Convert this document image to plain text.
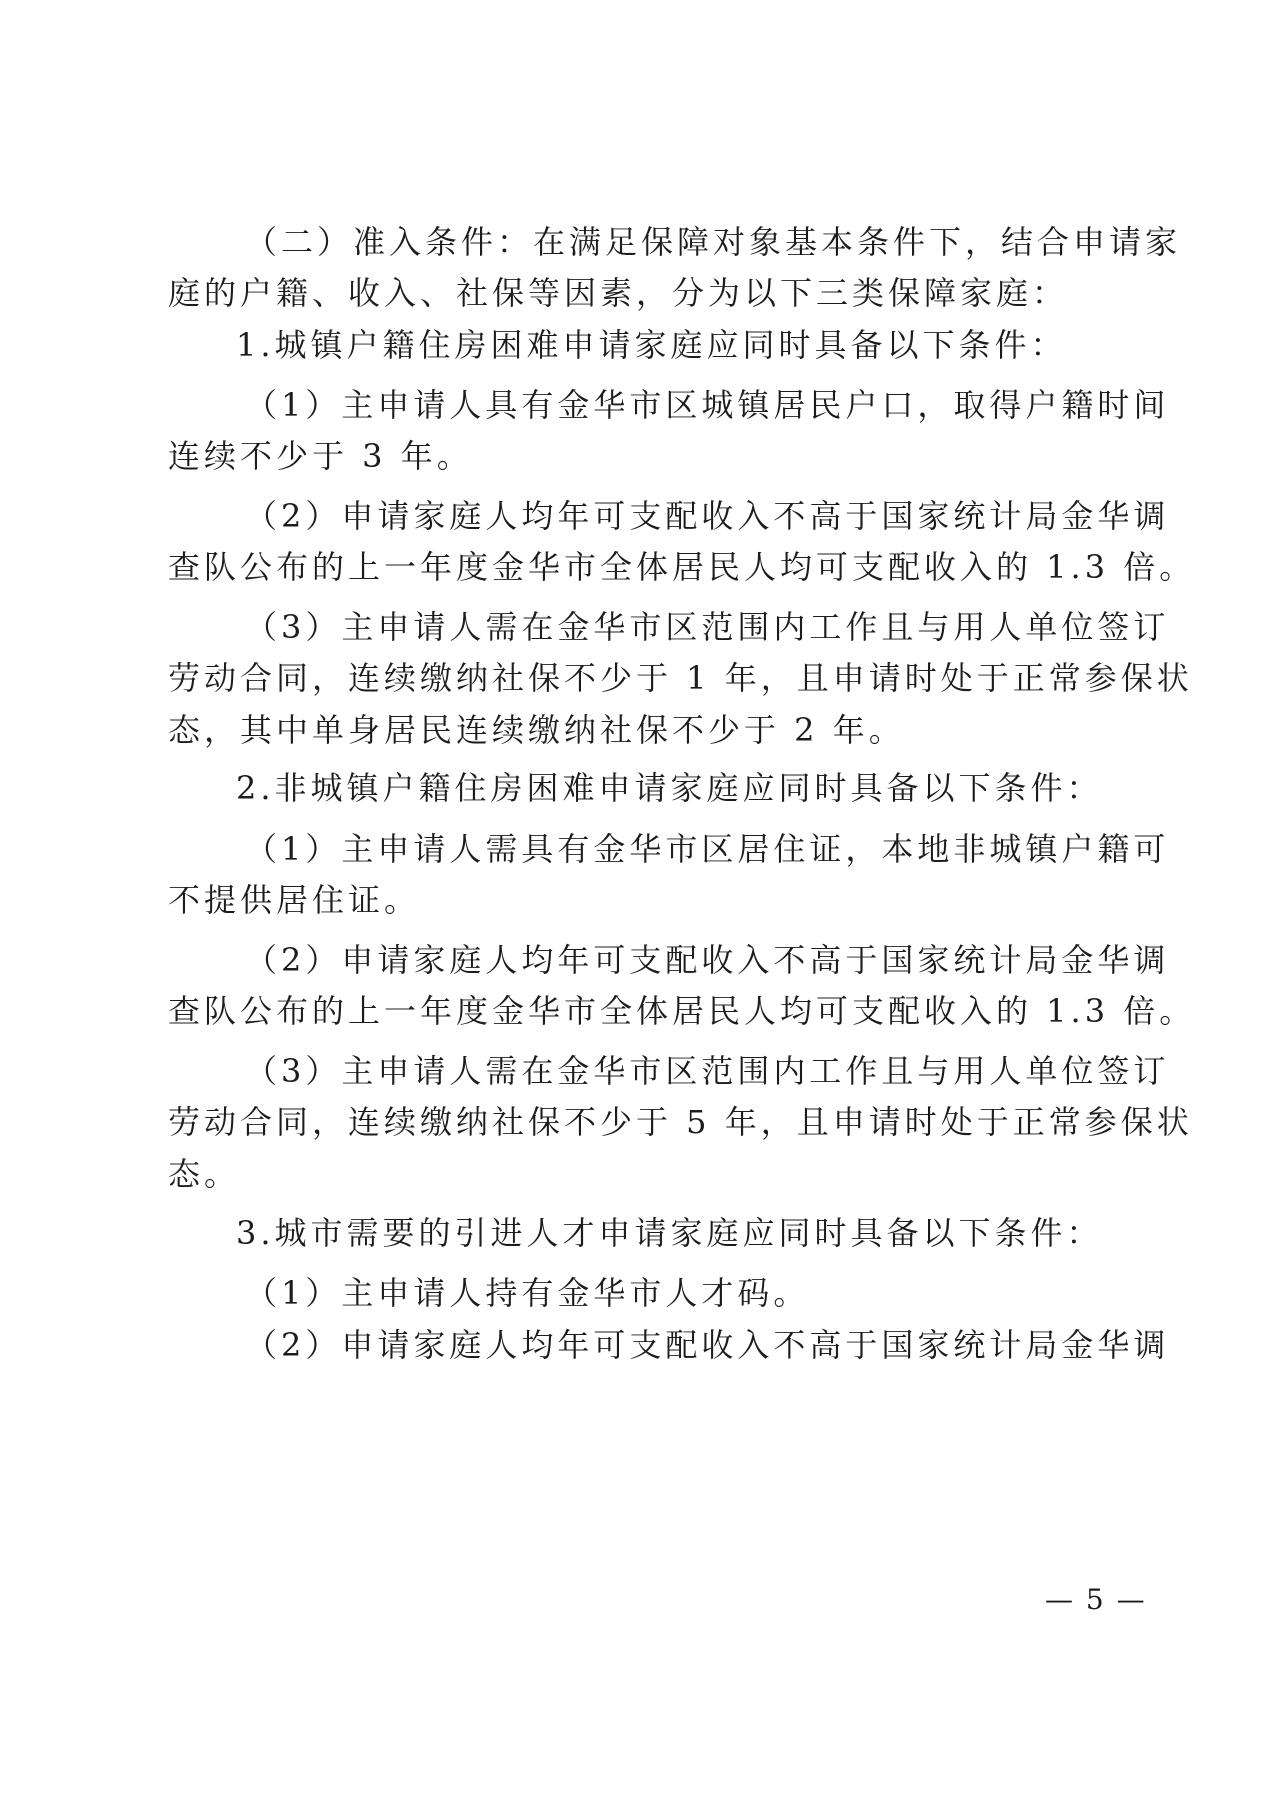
（二）准入条件：在满足保障对象基本条件下，结合申请家
庭的户籍、收入、社保等因素，分为以下三类保障家庭：
1.城镇户籍住房困难申请家庭应同时具备以下条件：
（1）主申请人具有金华市区城镇居民户口，取得户籍时间
连续不少于 3 年。
（2）申请家庭人均年可支配收入不高于国家统计局金华调
查队公布的上一年度金华市全体居民人均可支配收入的 1.3 倍。
（3）主申请人需在金华市区范围内工作且与用人单位签订
劳动合同，连续缴纳社保不少于 1 年，且申请时处于正常参保状
态，其中单身居民连续缴纳社保不少于 2 年。
2.非城镇户籍住房困难申请家庭应同时具备以下条件：
（1）主申请人需具有金华市区居住证，本地非城镇户籍可
不提供居住证。
（2）申请家庭人均年可支配收入不高于国家统计局金华调
查队公布的上一年度金华市全体居民人均可支配收入的 1.3 倍。
（3）主申请人需在金华市区范围内工作且与用人单位签订
劳动合同，连续缴纳社保不少于 5 年，且申请时处于正常参保状
态。
3.城市需要的引进人才申请家庭应同时具备以下条件：
（1）主申请人持有金华市人才码。
（2）申请家庭人均年可支配收入不高于国家统计局金华调
— 5 —
